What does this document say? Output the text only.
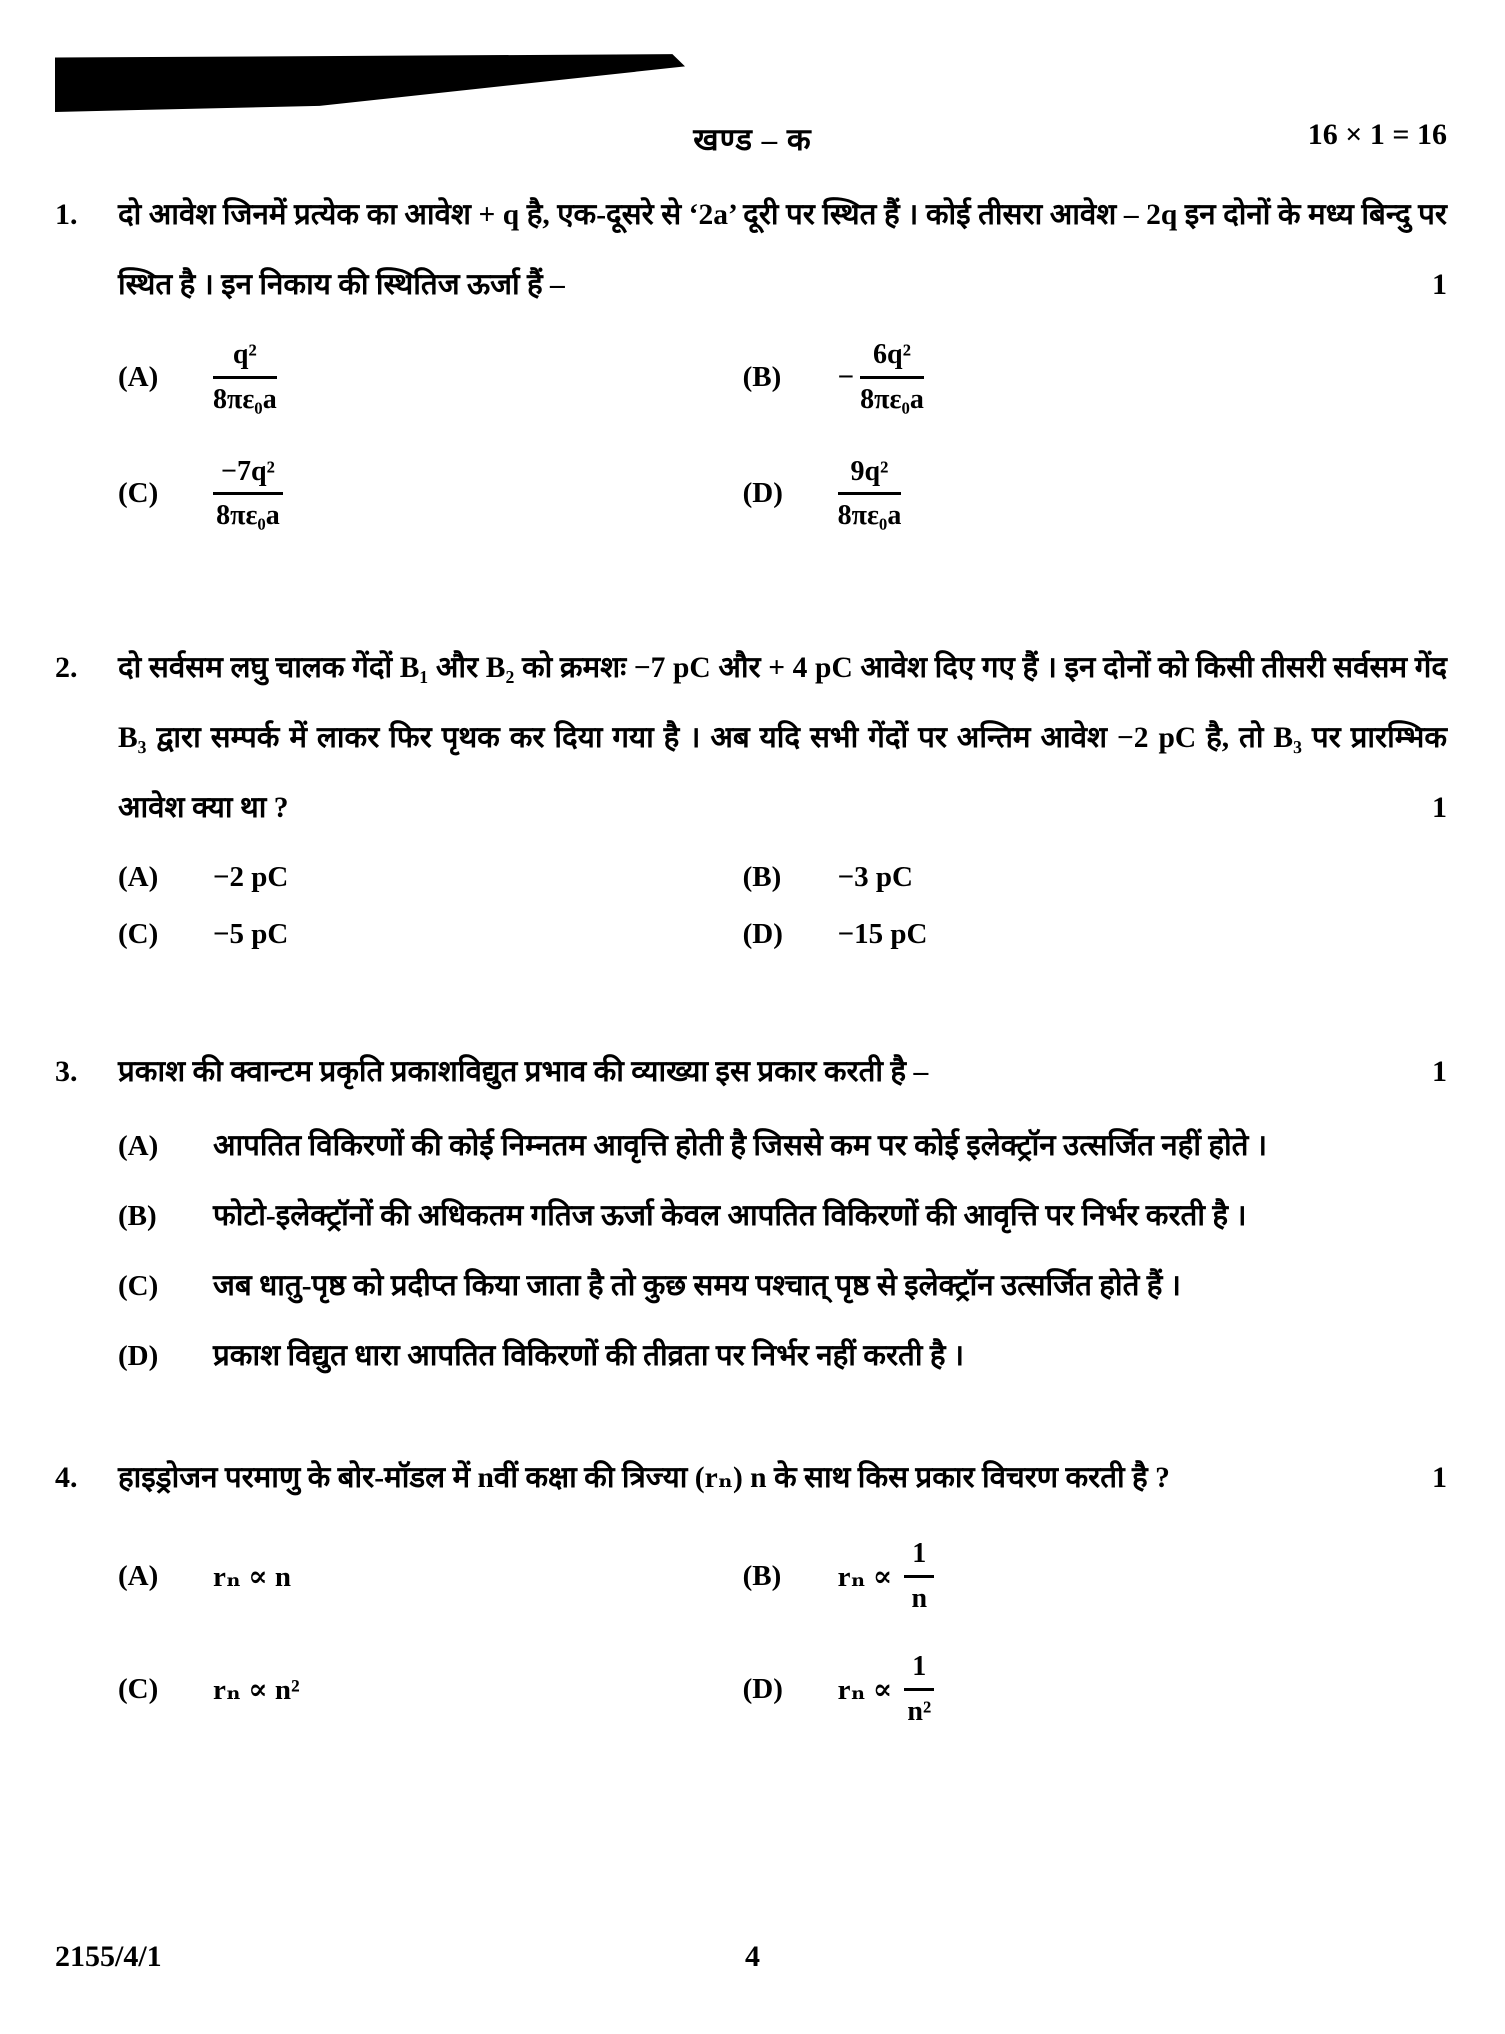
खण्ड – क	16 × 1 = 16
1.
1

दो आवेश जिनमें प्रत्येक का आवेश + q है, एक-दूसरे से ‘2a’ दूरी पर स्थित हैं । कोई तीसरा आवेश – 2q इन दोनों के मध्य बिन्दु पर स्थित है । इन निकाय की स्थितिज ऊर्जा हैं –

(A)	$\frac{\text{q²}}{\text{8πε₀a}}$	(B)	− $\frac{\text{6q²}}{\text{8πε₀a}}$
(C)	$\frac{\text{−7q²}}{\text{8πε₀a}}$	(D)	$\frac{\text{9q²}}{\text{8πε₀a}}$
2.
1

दो सर्वसम लघु चालक गेंदों B₁ और B₂ को क्रमशः −7 pC और + 4 pC आवेश दिए गए हैं । इन दोनों को किसी तीसरी सर्वसम गेंद B₃ द्वारा सम्पर्क में लाकर फिर पृथक कर दिया गया है । अब यदि सभी गेंदों पर अन्तिम आवेश −2 pC है, तो B₃ पर प्रारम्भिक आवेश क्या था ?

(A)	−2 pC	(B)	−3 pC
(C)	−5 pC	(D)	−15 pC
3.	1

प्रकाश की क्वान्टम प्रकृति प्रकाशविद्युत प्रभाव की व्याख्या इस प्रकार करती है –

(A)	आपतित विकिरणों की कोई निम्नतम आवृत्ति होती है जिससे कम पर कोई इलेक्ट्रॉन उत्सर्जित नहीं होते ।

(B)	फोटो-इलेक्ट्रॉनों की अधिकतम गतिज ऊर्जा केवल आपतित विकिरणों की आवृत्ति पर निर्भर करती है ।

(C)	जब धातु-पृष्ठ को प्रदीप्त किया जाता है तो कुछ समय पश्चात् पृष्ठ से इलेक्ट्रॉन उत्सर्जित होते हैं ।

(D)	प्रकाश विद्युत धारा आपतित विकिरणों की तीव्रता पर निर्भर नहीं करती है ।

4.	1

हाइड्रोजन परमाणु के बोर-मॉडल में nवीं कक्षा की त्रिज्या (rₙ) n के साथ किस प्रकार विचरण करती है ?

(A)	rₙ ∝ n	(B)	$r_n \propto \frac{1}{n}$
(C)	rₙ ∝ n²	(D)	$r_n \propto \frac{1}{\text{n²}}$
2155/4/1	4
